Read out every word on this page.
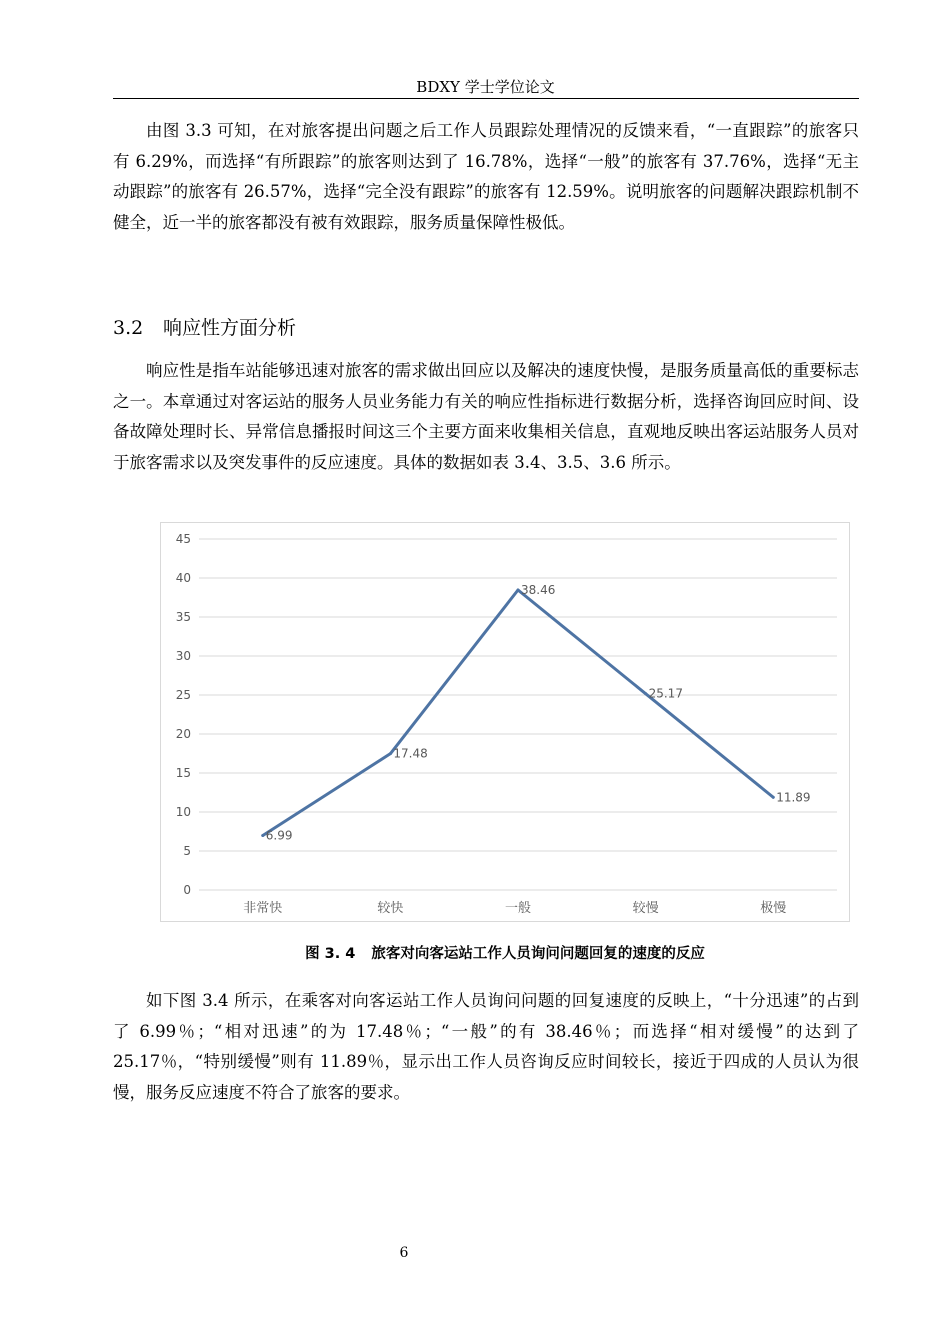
BDXY 学士学位论文

由图 3.3 可知，在对旅客提出问题之后工作人员跟踪处理情况的反馈来看，“一直跟踪”的旅客只有 6.29%，而选择“有所跟踪”的旅客则达到了 16.78%，选择“一般”的旅客有 37.76%，选择“无主动跟踪”的旅客有 26.57%，选择“完全没有跟踪”的旅客有 12.59%。说明旅客的问题解决跟踪机制不健全，近一半的旅客都没有被有效跟踪，服务质量保障性极低。

3.2 响应性方面分析

响应性是指车站能够迅速对旅客的需求做出回应以及解决的速度快慢，是服务质量高低的重要标志之一。本章通过对客运站的服务人员业务能力有关的响应性指标进行数据分析，选择咨询回应时间、设备故障处理时长、异常信息播报时间这三个主要方面来收集相关信息，直观地反映出客运站服务人员对于旅客需求以及突发事件的反应速度。具体的数据如表 3.4、3.5、3.6 所示。

0
5
10
15
20
25
30
35
40
45
非常快	较快	一般	较慢	极慢
6.99
17.48
38.46
25.17
11.89
图 3. 4 旅客对向客运站工作人员询问问题回复的速度的反应

如下图 3.4 所示，在乘客对向客运站工作人员询问问题的回复速度的反映上，“十分迅速”的占到了 6.99％；“相对迅速”的为 17.48％；“一般”的有 38.46％；而选择“相对缓慢”的达到了 25.17％，“特别缓慢”则有 11.89％，显示出工作人员咨询反应时间较长，接近于四成的人员认为很慢，服务反应速度不符合了旅客的要求。

6
